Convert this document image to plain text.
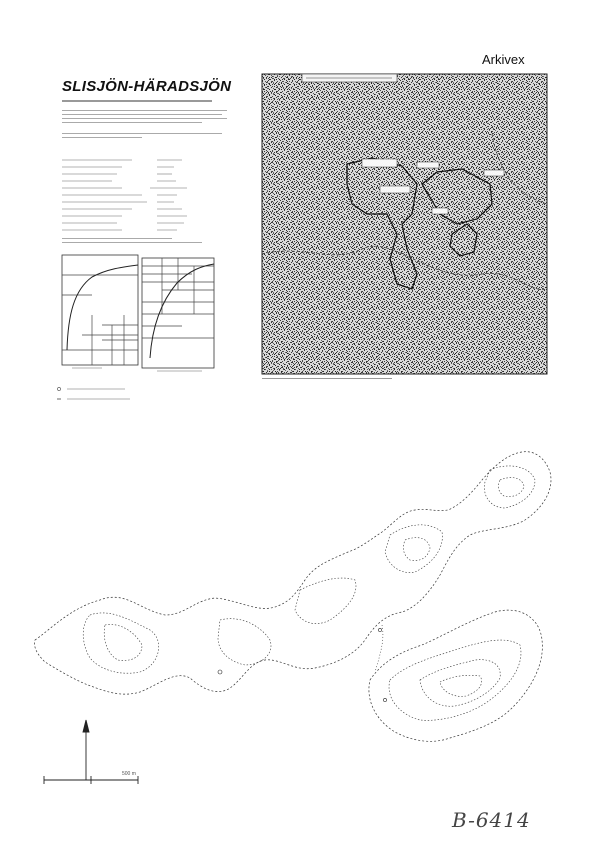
Arkivex
SLISJÖN-HÄRADSJÖN
500 m
B-6414
